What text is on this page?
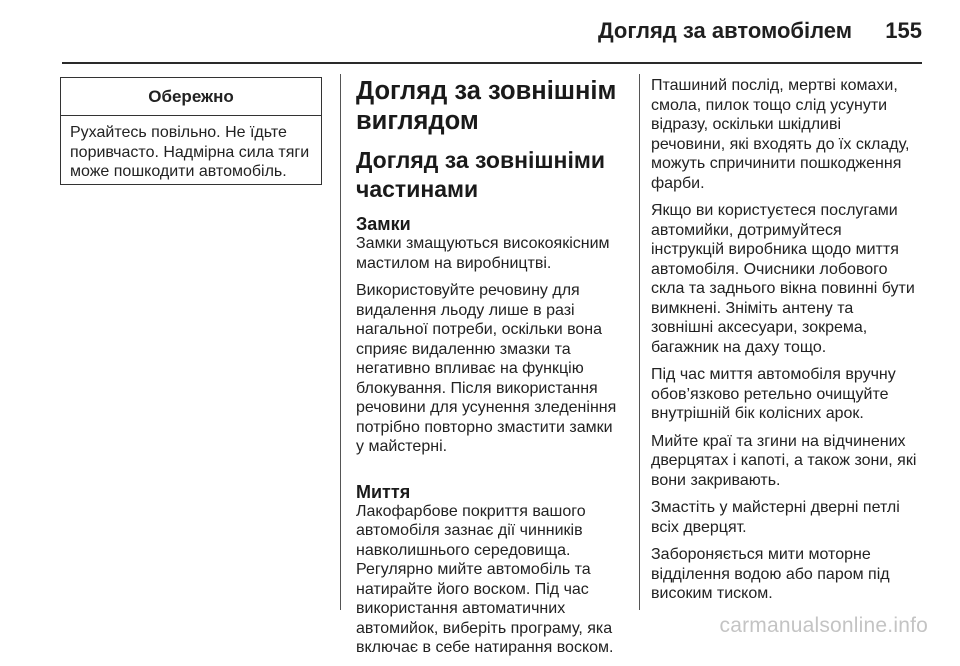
Догляд за автомобілем 155
Обережно
Рухайтесь повільно. Не їдьте
поривчасто. Надмірна сила тяги
може пошкодити автомобіль.
Догляд за зовнішнім
виглядом
Догляд за зовнішніми
частинами
Замки
Замки змащуються високоякісним
мастилом на виробництві.
Використовуйте речовину для
видалення льоду лише в разі
нагальної потреби, оскільки вона
сприяє видаленню змазки та
негативно впливає на функцію
блокування. Після використання
речовини для усунення зледеніння
потрібно повторно змастити замки
у майстерні.
Миття
Лакофарбове покриття вашого
автомобіля зазнає дії чинників
навколишнього середовища.
Регулярно мийте автомобіль та
натирайте його воском. Під час
використання автоматичних
автомийок, виберіть програму, яка
включає в себе натирання воском.
Пташиний послід, мертві комахи,
смола, пилок тощо слід усунути
відразу, оскільки шкідливі
речовини, які входять до їх складу,
можуть спричинити пошкодження
фарби.
Якщо ви користуєтеся послугами
автомийки, дотримуйтеся
інструкцій виробника щодо миття
автомобіля. Очисники лобового
скла та заднього вікна повинні бути
вимкнені. Зніміть антену та
зовнішні аксесуари, зокрема,
багажник на даху тощо.
Під час миття автомобіля вручну
обов’язково ретельно очищуйте
внутрішній бік колісних арок.
Мийте краї та згини на відчинених
дверцятах і капоті, а також зони, які
вони закривають.
Змастіть у майстерні дверні петлі
всіх дверцят.
Забороняється мити моторне
відділення водою або паром під
високим тиском.
carmanualsonline.info
